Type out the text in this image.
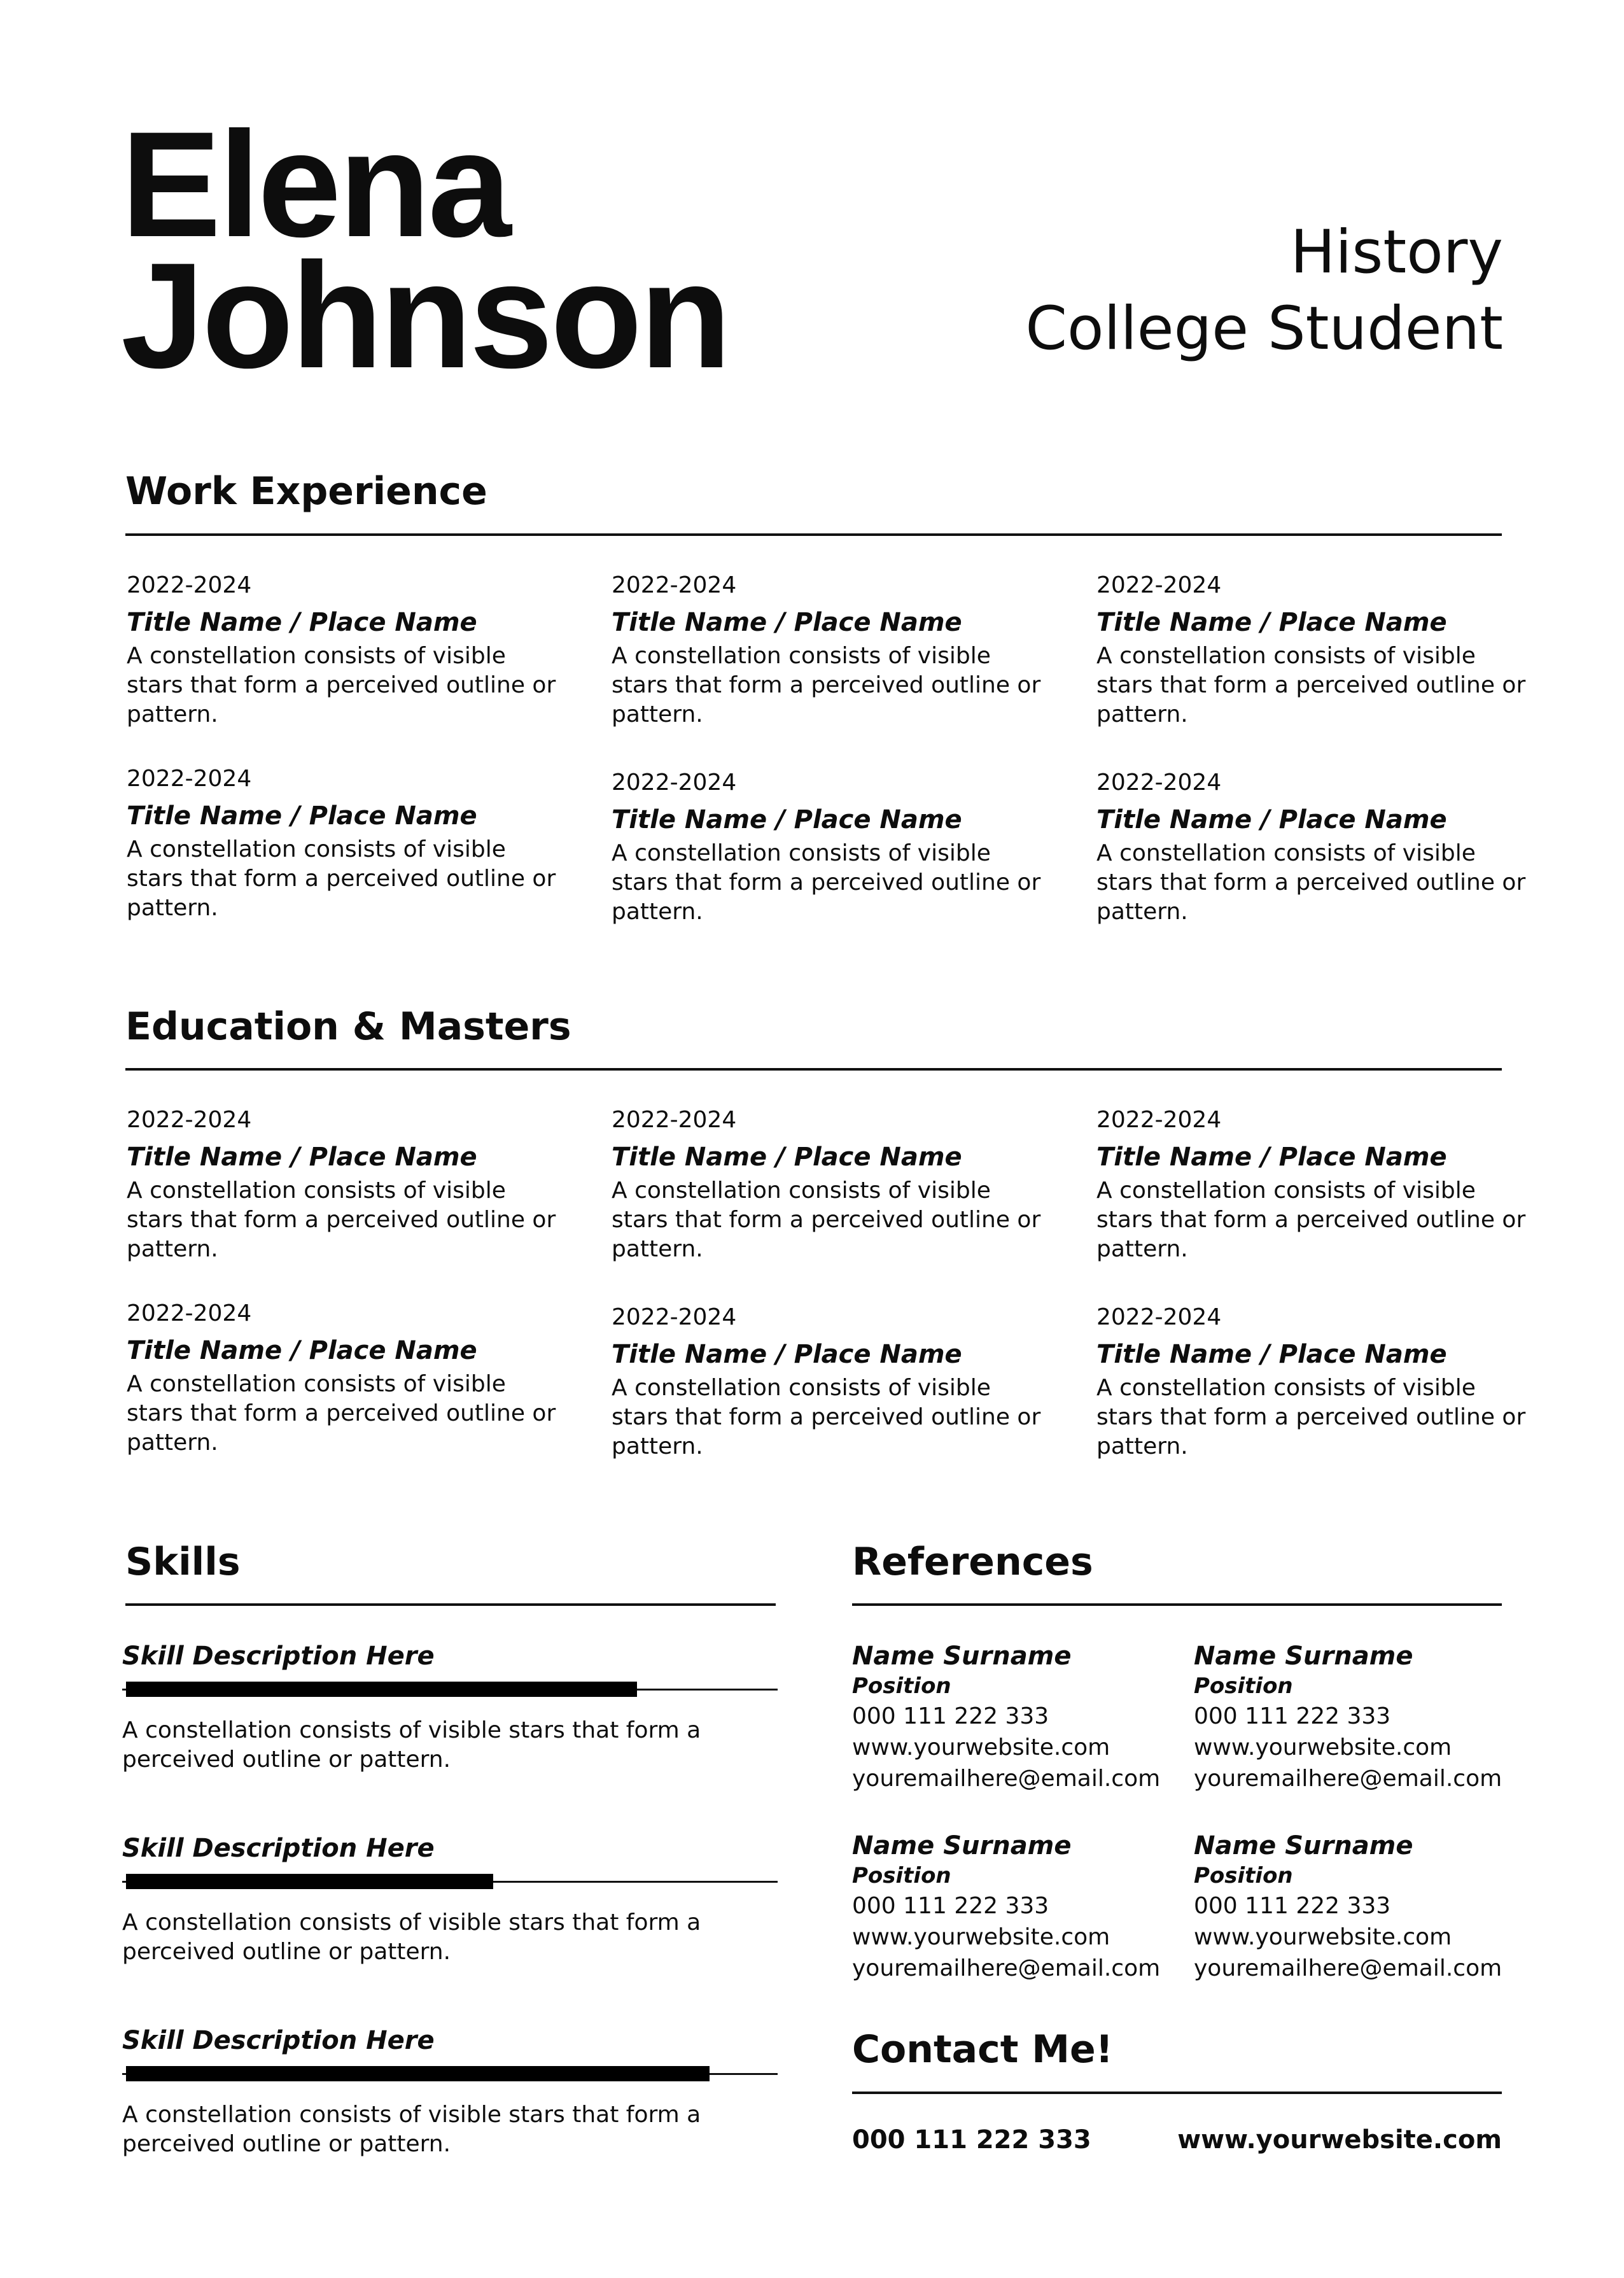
Elena
Johnson	History
College Student
Work Experience
2022-2024
Title Name / Place Name
A constellation consists of visible stars that form a perceived outline or pattern.
2022-2024
Title Name / Place Name
A constellation consists of visible stars that form a perceived outline or pattern.
2022-2024
Title Name / Place Name
A constellation consists of visible stars that form a perceived outline or pattern.
2022-2024
Title Name / Place Name
A constellation consists of visible stars that form a perceived outline or pattern.
2022-2024
Title Name / Place Name
A constellation consists of visible stars that form a perceived outline or pattern.
2022-2024
Title Name / Place Name
A constellation consists of visible stars that form a perceived outline or pattern.
Education & Masters
2022-2024
Title Name / Place Name
A constellation consists of visible stars that form a perceived outline or pattern.
2022-2024
Title Name / Place Name
A constellation consists of visible stars that form a perceived outline or pattern.
2022-2024
Title Name / Place Name
A constellation consists of visible stars that form a perceived outline or pattern.
2022-2024
Title Name / Place Name
A constellation consists of visible stars that form a perceived outline or pattern.
2022-2024
Title Name / Place Name
A constellation consists of visible stars that form a perceived outline or pattern.
2022-2024
Title Name / Place Name
A constellation consists of visible stars that form a perceived outline or pattern.
Skills
Skill Description Here
A constellation consists of visible stars that form a perceived outline or pattern.
Skill Description Here
A constellation consists of visible stars that form a perceived outline or pattern.
Skill Description Here
A constellation consists of visible stars that form a perceived outline or pattern.
References
Name Surname
Position
000 111 222 333
www.yourwebsite.com
youremailhere@email.com
Name Surname
Position
000 111 222 333
www.yourwebsite.com
youremailhere@email.com
Name Surname
Position
000 111 222 333
www.yourwebsite.com
youremailhere@email.com
Name Surname
Position
000 111 222 333
www.yourwebsite.com
youremailhere@email.com
Contact Me!
000 111 222 333	www.yourwebsite.com
